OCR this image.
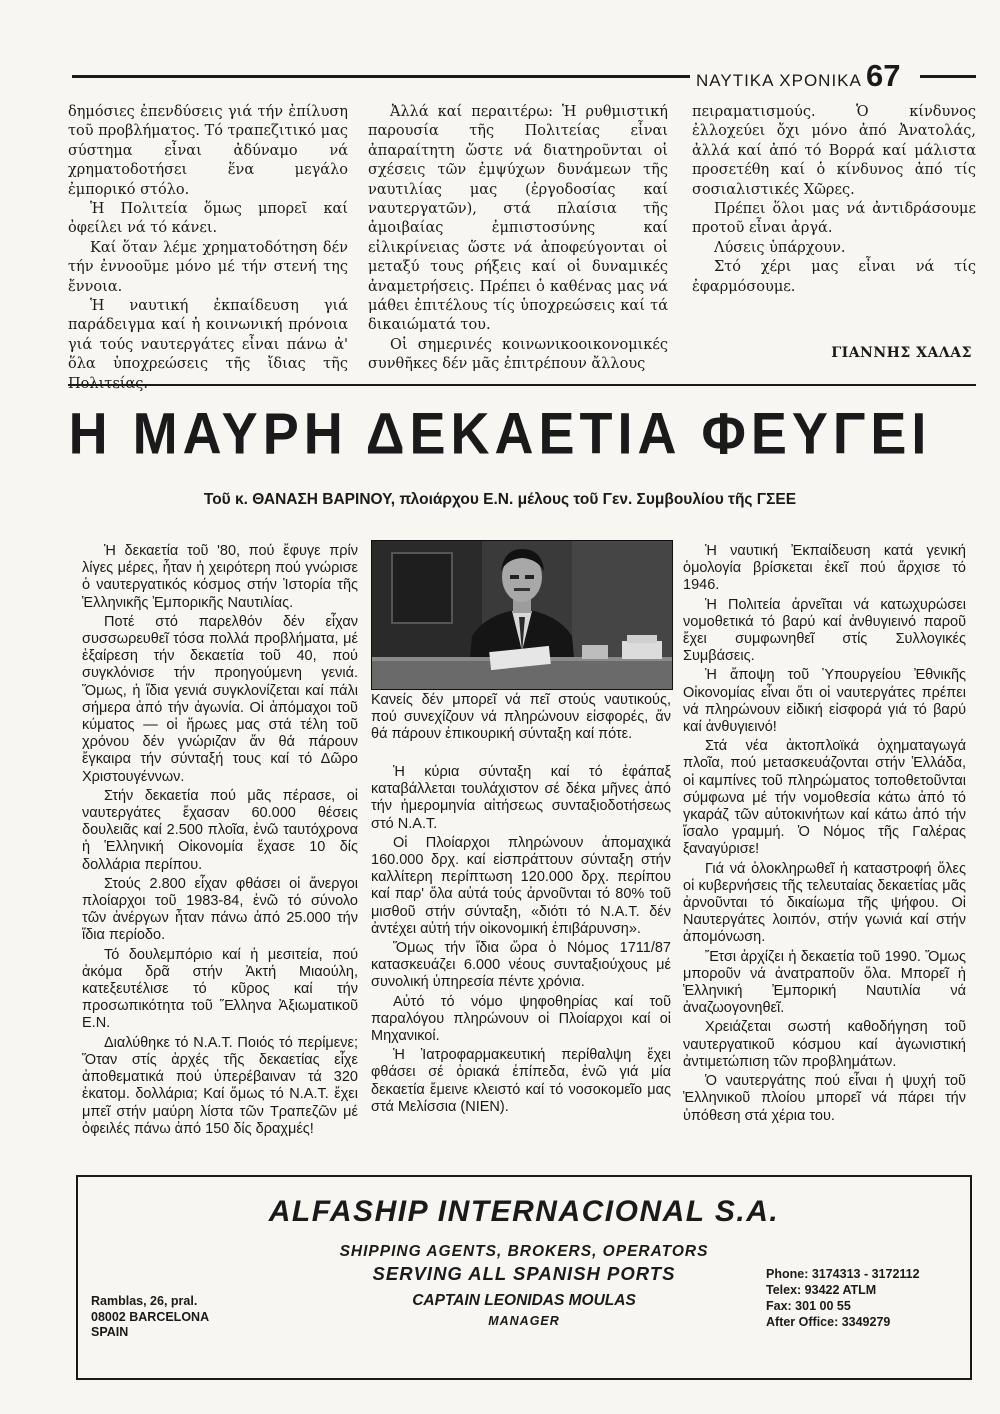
ΝΑΥΤΙΚΑ ΧΡΟΝΙΚΑ 67

δημόσιες ἐπενδύσεις γιά τήν ἐπίλυση τοῦ προβλήματος. Τό τραπεζιτικό μας σύστημα εἶναι ἀδύναμο νά χρηματοδοτήσει ἕνα μεγάλο ἐμπορικό στόλο.

Ἡ Πολιτεία ὅμως μπορεῖ καί ὀφείλει νά τό κάνει.

Καί ὅταν λέμε χρηματοδότηση δέν τήν ἐννοοῦμε μόνο μέ τήν στενή της ἔννοια.

Ἡ ναυτική ἐκπαίδευση γιά παράδειγμα καί ἡ κοινωνική πρόνοια γιά τούς ναυτεργάτες εἶναι πάνω ἀ' ὅλα ὑποχρεώσεις τῆς ἴδιας τῆς

Ἀλλά καί περαιτέρω: Ἡ ρυθμιστική παρουσία τῆς Πολιτείας εἶναι ἀπαραίτητη ὥστε νά διατηροῦνται οἱ σχέσεις τῶν ἐμψύχων δυνάμεων τῆς ναυτιλίας μας (ἐργοδοσίας καί ναυτεργατῶν), στά πλαίσια τῆς ἀμοιβαίας ἐμπιστοσύνης καί εἰλικρίνειας ὥστε νά ἀποφεύγονται οἱ μεταξύ τους ρήξεις καί οἱ δυναμικές ἀναμετρήσεις. Πρέπει ὁ καθένας μας νά μάθει ἐπιτέλους τίς ὑποχρεώσεις καί τά δικαιώματά του.

Οἱ σημερινές κοινωνικοοικονομικές συνθῆκες δέν μᾶς ἐπιτρέπουν ἄλλους

πειραματισμούς. Ὁ κίνδυνος ἐλλοχεύει ὄχι μόνο ἀπό Ἀνατολάς, ἀλλά καί ἀπό τό Βορρά καί μάλιστα προσετέθη καί ὁ κίνδυνος ἀπό τίς σοσιαλιστικές Χῶρες.

Πρέπει ὅλοι μας νά ἀντιδράσουμε προτοῦ εἶναι ἀργά.

Λύσεις ὑπάρχουν.

Στό χέρι μας εἶναι νά τίς ἐφαρμόσουμε.

ΓΙΑΝΝΗΣ ΧΑΛΑΣ
Η ΜΑΥΡΗ ΔΕΚΑΕΤΙΑ ΦΕΥΓΕΙ
Τοῦ κ. ΘΑΝΑΣΗ ΒΑΡΙΝΟΥ, πλοιάρχου Ε.Ν. μέλους τοῦ Γεν. Συμβουλίου τῆς ΓΣΕΕ

Ἡ δεκαετία τοῦ '80, πού ἔφυγε πρίν λίγες μέρες, ἦταν ἡ χειρότερη πού γνώρισε ὁ ναυτεργατικός κόσμος στήν Ἱστορία τῆς Ἑλληνικῆς Ἐμπορικῆς Ναυτιλίας.

Ποτέ στό παρελθόν δέν εἶχαν συσσωρευθεῖ τόσα πολλά προβλήματα, μέ ἐξαίρεση τήν δεκαετία τοῦ 40, πού συγκλόνισε τήν προηγούμενη γενιά. Ὅμως, ἡ ἴδια γενιά συγκλονίζεται καί πάλι σήμερα ἀπό τήν ἀγωνία. Οἱ ἀπόμαχοι τοῦ κύματος — οἱ ἥρωες μας στά τέλη τοῦ χρόνου δέν γνώριζαν ἄν θά πάρουν ἔγκαιρα τήν σύνταξή τους καί τό Δῶρο Χριστουγέννων.

Στήν δεκαετία πού μᾶς πέρασε, οἱ ναυτεργάτες ἔχασαν 60.000 θέσεις δουλειᾶς καί 2.500 πλοῖα, ἐνῶ ταυτόχρονα ἡ Ἑλληνική Οἰκονομία ἔχασε 10 δίς δολλάρια περίπου.

Στούς 2.800 εἶχαν φθάσει οἱ ἄνεργοι πλοίαρχοι τοῦ 1983-84, ἐνῶ τό σύνολο τῶν ἀνέργων ἦταν πάνω ἀπό 25.000 τήν ἴδια περίοδο.

Τό δουλεμπόριο καί ἡ μεσιτεία, πού ἀκόμα δρᾶ στήν Ἀκτή Μιαούλη, κατεξευτέλισε τό κῦρος καί τήν προσωπικότητα τοῦ Ἕλληνα Ἀξιωματικοῦ Ε.Ν.

Διαλύθηκε τό Ν.Α.Τ. Ποιός τό περίμενε; Ὅταν στίς ἀρχές τῆς δεκαετίας εἶχε ἀποθεματικά πού ὑπερέβαιναν τά 320 ἑκατομ. δολλάρια; Καί ὅμως τό Ν.Α.Τ. ἔχει μπεῖ στήν μαύρη λίστα τῶν Τραπεζῶν μέ ὀφειλές πάνω ἀπό 150 δίς δραχμές!

Κανείς δέν μπορεῖ νά πεῖ στούς ναυτικούς, πού συνεχίζουν νά πληρώνουν εἰσφορές, ἄν θά πάρουν ἐπικουρική σύνταξη καί πότε.

Ἡ κύρια σύνταξη καί τό ἐφάπαξ καταβάλλεται τουλάχιστον σέ δέκα μῆνες ἀπό τήν ἡμερομηνία αἰτήσεως συνταξιοδοτήσεως στό Ν.Α.Τ.

Οἱ Πλοίαρχοι πληρώνουν ἀπομαχικά 160.000 δρχ. καί εἰσπράττουν σύνταξη στήν καλλίτερη περίπτωση 120.000 δρχ. περίπου καί παρ' ὅλα αὐτά τούς ἀρνοῦνται τό 80% τοῦ μισθοῦ στήν σύνταξη, «διότι τό Ν.Α.Τ. δέν ἀντέχει αὐτή τήν οἰκονομική ἐπιβάρυνση».

Ὅμως τήν ἴδια ὥρα ὁ Νόμος 1711/87 κατασκευάζει 6.000 νέους συνταξιούχους μέ συνολική ὑπηρεσία πέντε χρόνια.

Αὐτό τό νόμο ψηφοθηρίας καί τοῦ παραλόγου πληρώνουν οἱ Πλοίαρχοι καί οἱ Μηχανικοί.

Ἡ Ἰατροφαρμακευτική περίθαλψη ἔχει φθάσει σέ ὁριακά ἐπίπεδα, ἐνῶ γιά μία δεκαετία ἔμεινε κλειστό καί τό νοσοκομεῖο μας στά Μελίσσια (ΝΙΕΝ).

Ἡ ναυτική Ἐκπαίδευση κατά γενική ὁμολογία βρίσκεται ἐκεῖ πού ἄρχισε τό 1946.

Ἡ Πολιτεία ἀρνεῖται νά κατωχυρώσει νομοθετικά τό βαρύ καί ἀνθυγιεινό παροῦ ἔχει συμφωνηθεῖ στίς Συλλογικές Συμβάσεις.

Ἡ ἄποψη τοῦ Ὑπουργείου Ἐθνικῆς Οἰκονομίας εἶναι ὅτι οἱ ναυτεργάτες πρέπει νά πληρώνουν εἰδική εἰσφορά γιά τό βαρύ καί ἀνθυγιεινό!

Στά νέα ἀκτοπλοϊκά ὀχηματαγωγά πλοῖα, πού μετασκευάζονται στήν Ἑλλάδα, οἱ καμπίνες τοῦ πληρώματος τοποθετοῦνται σύμφωνα μέ τήν νομοθεσία κάτω ἀπό τό γκαράζ τῶν αὐτοκινήτων καί κάτω ἀπό τήν ἴσαλο γραμμή. Ὁ Νόμος τῆς Γαλέρας ξαναγύρισε!

Γιά νά ὁλοκληρωθεῖ ἡ καταστροφή ὅλες οἱ κυβερνήσεις τῆς τελευταίας δεκαετίας μᾶς ἀρνοῦνται τό δικαίωμα τῆς ψήφου. Οἱ Ναυτεργάτες λοιπόν, στήν γωνιά καί στήν ἀπομόνωση.

Ἔτσι ἀρχίζει ἡ δεκαετία τοῦ 1990. Ὅμως μποροῦν νά ἀνατραποῦν ὅλα. Μπορεῖ ἡ Ἑλληνική Ἐμπορική Ναυτιλία νά ἀναζωογονηθεῖ.

Χρειάζεται σωστή καθοδήγηση τοῦ ναυτεργατικοῦ κόσμου καί ἀγωνιστική ἀντιμετώπιση τῶν προβλημάτων.

Ὁ ναυτεργάτης πού εἶναι ἡ ψυχή τοῦ Ἑλληνικοῦ πλοίου μπορεῖ νά πάρει τήν ὑπόθεση στά χέρια του.

ALFASHIP INTERNACIONAL S.A.
SHIPPING AGENTS, BROKERS, OPERATORS
SERVING ALL SPANISH PORTS
CAPTAIN LEONIDAS MOULAS
MANAGER
Ramblas, 26, pral.
08002 BARCELONA
SPAIN
Phone: 3174313 - 3172112
Telex: 93422 ATLM
Fax: 301 00 55
After Office: 3349279
